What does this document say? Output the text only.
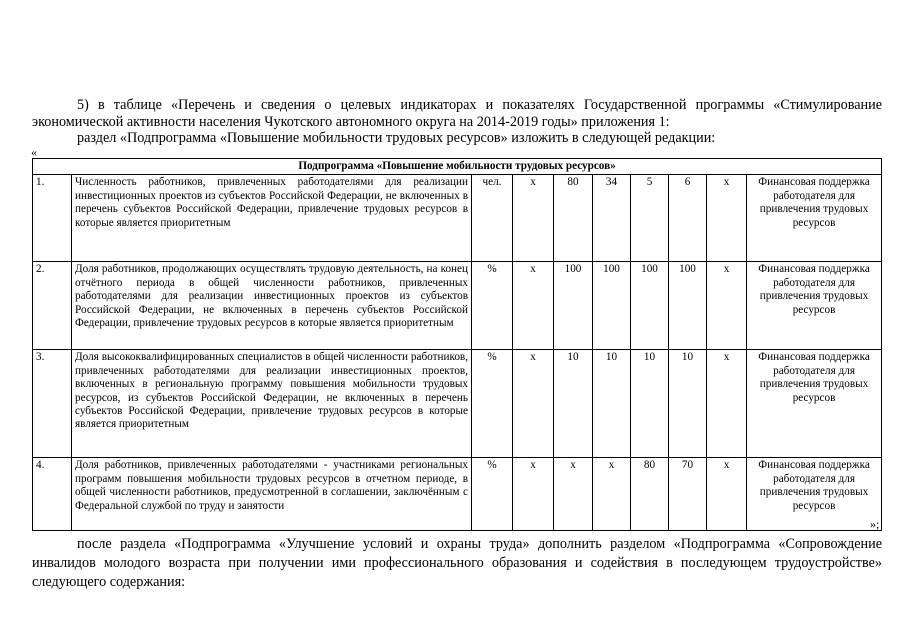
5) в таблице «Перечень и сведения о целевых индикаторах и показателях Государственной программы «Стимулирование экономической активности населения Чукотского автономного округа на 2014-2019 годы» приложения 1:
раздел «Подпрограмма «Повышение мобильности трудовых ресурсов» изложить в следующей редакции:
«
Подпрограмма «Повышение мобильности трудовых ресурсов»									
1.	Численность работников, привлеченных работодателями для реализации инвестиционных проектов из субъектов Российской Федерации, не включенных в перечень субъектов Российской Федерации, привлечение трудовых ресурсов в которые является приоритетным	чел.	х	80	34	5	6	х	Финансовая поддержка работодателя для привлечения трудовых ресурсов
2.	Доля работников, продолжающих осуществлять трудовую деятельность, на конец отчётного периода в общей численности работников, привлеченных работодателями для реализации инвестиционных проектов из субъектов Российской Федерации, не включенных в перечень субъектов Российской Федерации, привлечение трудовых ресурсов в которые является приоритетным	%	х	100	100	100	100	х	Финансовая поддержка работодателя для привлечения трудовых ресурсов
3.	Доля высококвалифицированных специалистов в общей численности работников, привлеченных работодателями для реализации инвестиционных проектов, включенных в региональную программу повышения мобильности трудовых ресурсов, из субъектов Российской Федерации, не включенных в перечень субъектов Российской Федерации, привлечение трудовых ресурсов в которые является приоритетным	%	х	10	10	10	10	х	Финансовая поддержка работодателя для привлечения трудовых ресурсов
4.	Доля работников, привлеченных работодателями - участниками региональных программ повышения мобильности трудовых ресурсов в отчетном периоде, в общей численности работников, предусмотренной в соглашении, заключённым с Федеральной службой по труду и занятости	%	х	х	х	80	70	х	Финансовая поддержка работодателя для привлечения трудовых ресурсов
»;
после раздела «Подпрограмма «Улучшение условий и охраны труда» дополнить разделом «Подпрограмма «Сопровождение инвалидов молодого возраста при получении ими профессионального образования и содействия в последующем трудоустройстве» следующего содержания:
